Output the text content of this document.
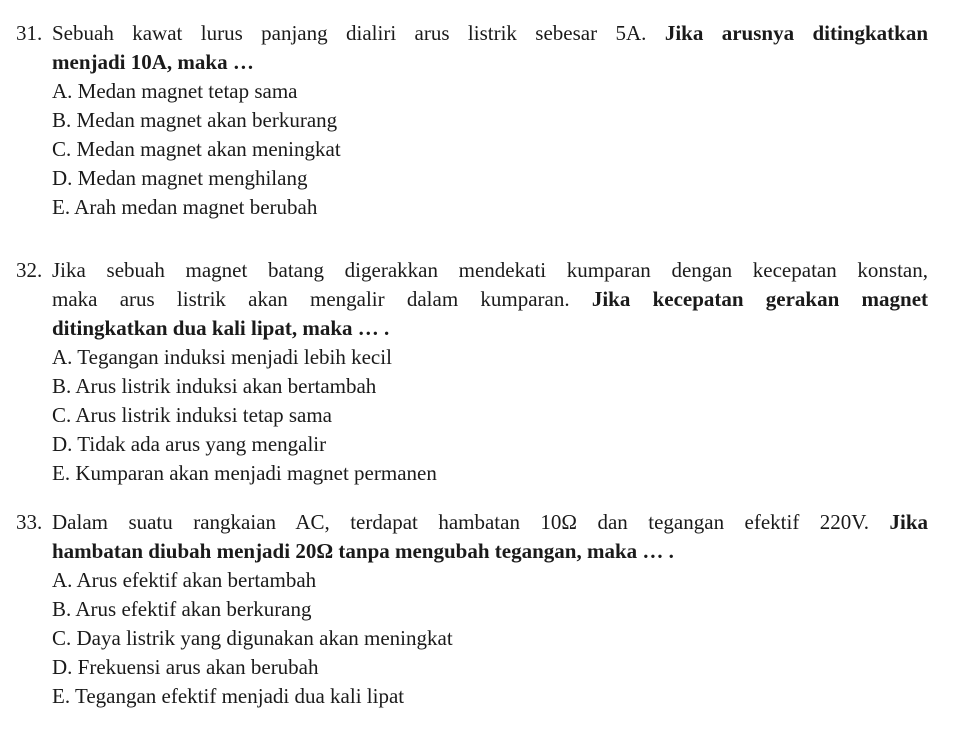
31. Sebuah kawat lurus panjang dialiri arus listrik sebesar 5A. Jika arusnya ditingkatkan
menjadi 10A, maka …
A. Medan magnet tetap sama
B. Medan magnet akan berkurang
C. Medan magnet akan meningkat
D. Medan magnet menghilang
E. Arah medan magnet berubah
32. Jika sebuah magnet batang digerakkan mendekati kumparan dengan kecepatan konstan,
maka arus listrik akan mengalir dalam kumparan. Jika kecepatan gerakan magnet
ditingkatkan dua kali lipat, maka … .
A. Tegangan induksi menjadi lebih kecil
B. Arus listrik induksi akan bertambah
C. Arus listrik induksi tetap sama
D. Tidak ada arus yang mengalir
E. Kumparan akan menjadi magnet permanen
33. Dalam suatu rangkaian AC, terdapat hambatan 10Ω dan tegangan efektif 220V. Jika
hambatan diubah menjadi 20Ω tanpa mengubah tegangan, maka … .
A. Arus efektif akan bertambah
B. Arus efektif akan berkurang
C. Daya listrik yang digunakan akan meningkat
D. Frekuensi arus akan berubah
E. Tegangan efektif menjadi dua kali lipat
